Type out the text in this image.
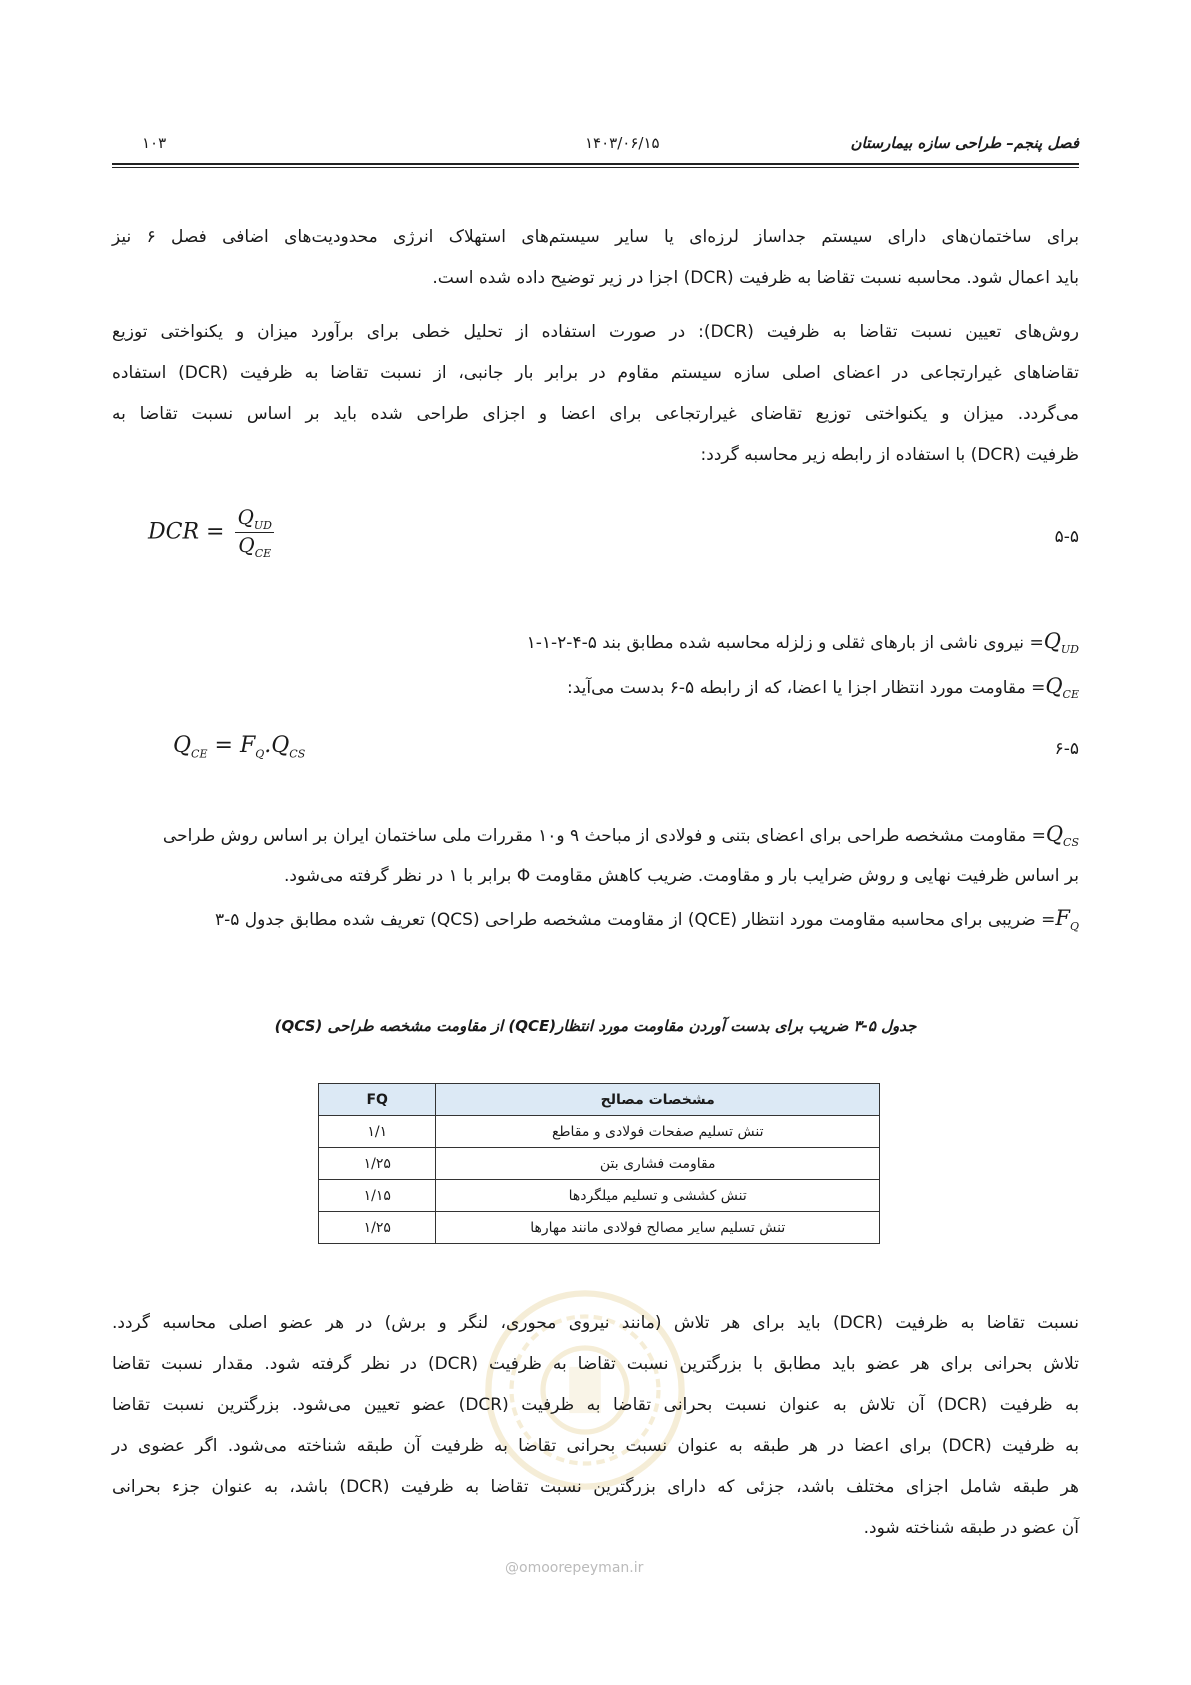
فصل پنجم– طراحی سازه بیمارستان
۱۴۰۳/۰۶/۱۵
۱۰۳
برای ساختمان‌های دارای سیستم جداساز لرزه‌ای یا سایر سیستم‌های استهلاک انرژی محدودیت‌های اضافی فصل ۶ نیز
باید اعمال شود. محاسبه نسبت تقاضا به ظرفیت (DCR) اجزا در زیر توضیح داده شده است.
روش‌های تعیین نسبت تقاضا به ظرفیت (DCR): در صورت استفاده از تحلیل خطی برای برآورد میزان و یکنواختی توزیع
تقاضاهای غیرارتجاعی در اعضای اصلی سازه سیستم مقاوم در برابر بار جانبی، از نسبت تقاضا به ظرفیت (DCR) استفاده
می‌گردد. میزان و یکنواختی توزیع تقاضای غیرارتجاعی برای اعضا و اجزای طراحی شده باید بر اساس نسبت تقاضا به
ظرفیت (DCR) با استفاده از رابطه زیر محاسبه گردد:
DCR = $\frac{Q_{UD}}{Q_{CE}}$	۵-۵
$Q_{UD}=$ نیروی ناشی از بارهای ثقلی و زلزله محاسبه شده مطابق بند ۵-۴-۲-۱-۱
$Q_{CE}=$ مقاومت مورد انتظار اجزا یا اعضا، که از رابطه ۵-۶ بدست می‌آید:
$Q_{CE} = F_Q.Q_{CS}$	۶-۵
$Q_{CS}=$ مقاومت مشخصه طراحی برای اعضای بتنی و فولادی از مباحث ۹ و۱۰ مقررات ملی ساختمان ایران بر اساس روش طراحی
بر اساس ظرفیت نهایی و روش ضرایب بار و مقاومت. ضریب کاهش مقاومت Φ برابر با ۱ در نظر گرفته می‌شود.
$F_Q=$ ضریبی برای محاسبه مقاومت مورد انتظار (QCE) از مقاومت مشخصه طراحی (QCS) تعریف شده مطابق جدول ۵-۳
جدول ۵-۳ ضریب برای بدست آوردن مقاومت مورد انتظار(QCE) از مقاومت مشخصه طراحی (QCS)
مشخصات مصالح	FQ
تنش تسلیم صفحات فولادی و مقاطع	۱/۱
مقاومت فشاری بتن	۱/۲۵
تنش کششی و تسلیم میلگردها	۱/۱۵
تنش تسلیم سایر مصالح فولادی مانند مهارها	۱/۲۵
نسبت تقاضا به ظرفیت (DCR) باید برای هر تلاش (مانند نیروی محوری، لنگر و برش) در هر عضو اصلی محاسبه گردد.
تلاش بحرانی برای هر عضو باید مطابق با بزرگترین نسبت تقاضا به ظرفیت (DCR) در نظر گرفته شود. مقدار نسبت تقاضا
به ظرفیت (DCR) آن تلاش به عنوان نسبت بحرانی تقاضا به ظرفیت (DCR) عضو تعیین می‌شود. بزرگترین نسبت تقاضا
به ظرفیت (DCR) برای اعضا در هر طبقه به عنوان نسبت بحرانی تقاضا به ظرفیت آن طبقه شناخته می‌شود. اگر عضوی در
هر طبقه شامل اجزای مختلف باشد، جزئی که دارای بزرگترین نسبت تقاضا به ظرفیت (DCR) باشد، به عنوان جزء بحرانی
آن عضو در طبقه شناخته شود.
@omoorepeyman.ir
